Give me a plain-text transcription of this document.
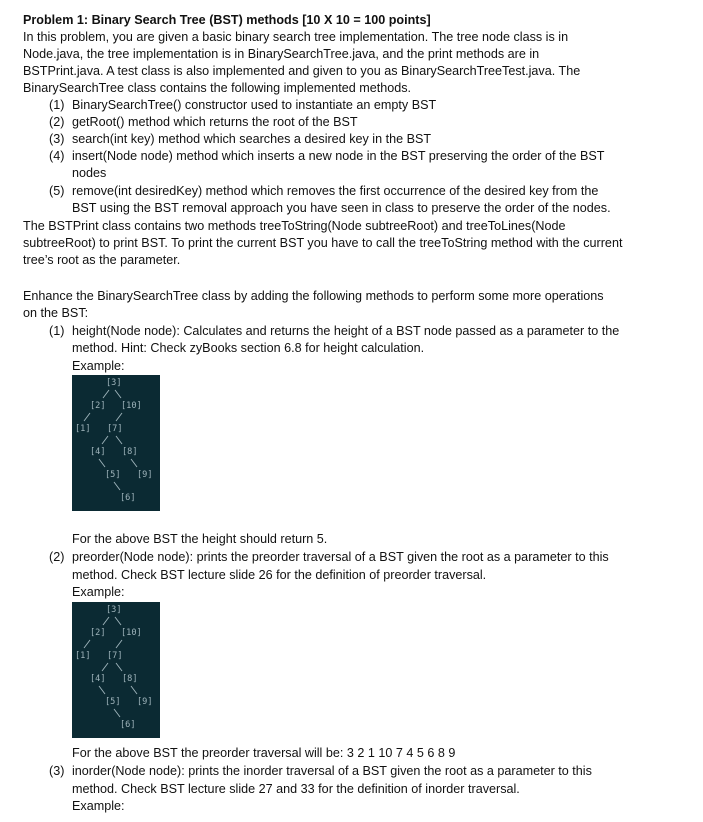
Problem 1: Binary Search Tree (BST) methods [10 X 10 = 100 points]
In this problem, you are given a basic binary search tree implementation. The tree node class is in
Node.java, the tree implementation is in BinarySearchTree.java, and the print methods are in
BSTPrint.java. A test class is also implemented and given to you as BinarySearchTreeTest.java. The
BinarySearchTree class contains the following implemented methods.
(1) BinarySearchTree() constructor used to instantiate an empty BST
(2) getRoot() method which returns the root of the BST
(3) search(int key) method which searches a desired key in the BST
(4) insert(Node node) method which inserts a new node in the BST preserving the order of the BST
nodes
(5) remove(int desiredKey) method which removes the first occurrence of the desired key from the
BST using the BST removal approach you have seen in class to preserve the order of the nodes.
The BSTPrint class contains two methods treeToString(Node subtreeRoot) and treeToLines(Node
subtreeRoot) to print BST. To print the current BST you have to call the treeToString method with the current
tree’s root as the parameter.
Enhance the BinarySearchTree class by adding the following methods to perform some more operations
on the BST:
(1) height(Node node): Calculates and returns the height of a BST node passed as a parameter to the
method. Hint: Check zyBooks section 6.8 for height calculation.
Example:
[3]
[2] [10]
[1] [7]
[4] [8]
[5] [9]
[6]
For the above BST the height should return 5.
(2) preorder(Node node): prints the preorder traversal of a BST given the root as a parameter to this
method. Check BST lecture slide 26 for the definition of preorder traversal.
Example:
[3]
[2] [10]
[1] [7]
[4] [8]
[5] [9]
[6]
For the above BST the preorder traversal will be: 3 2 1 10 7 4 5 6 8 9
(3) inorder(Node node): prints the inorder traversal of a BST given the root as a parameter to this
method. Check BST lecture slide 27 and 33 for the definition of inorder traversal.
Example:
